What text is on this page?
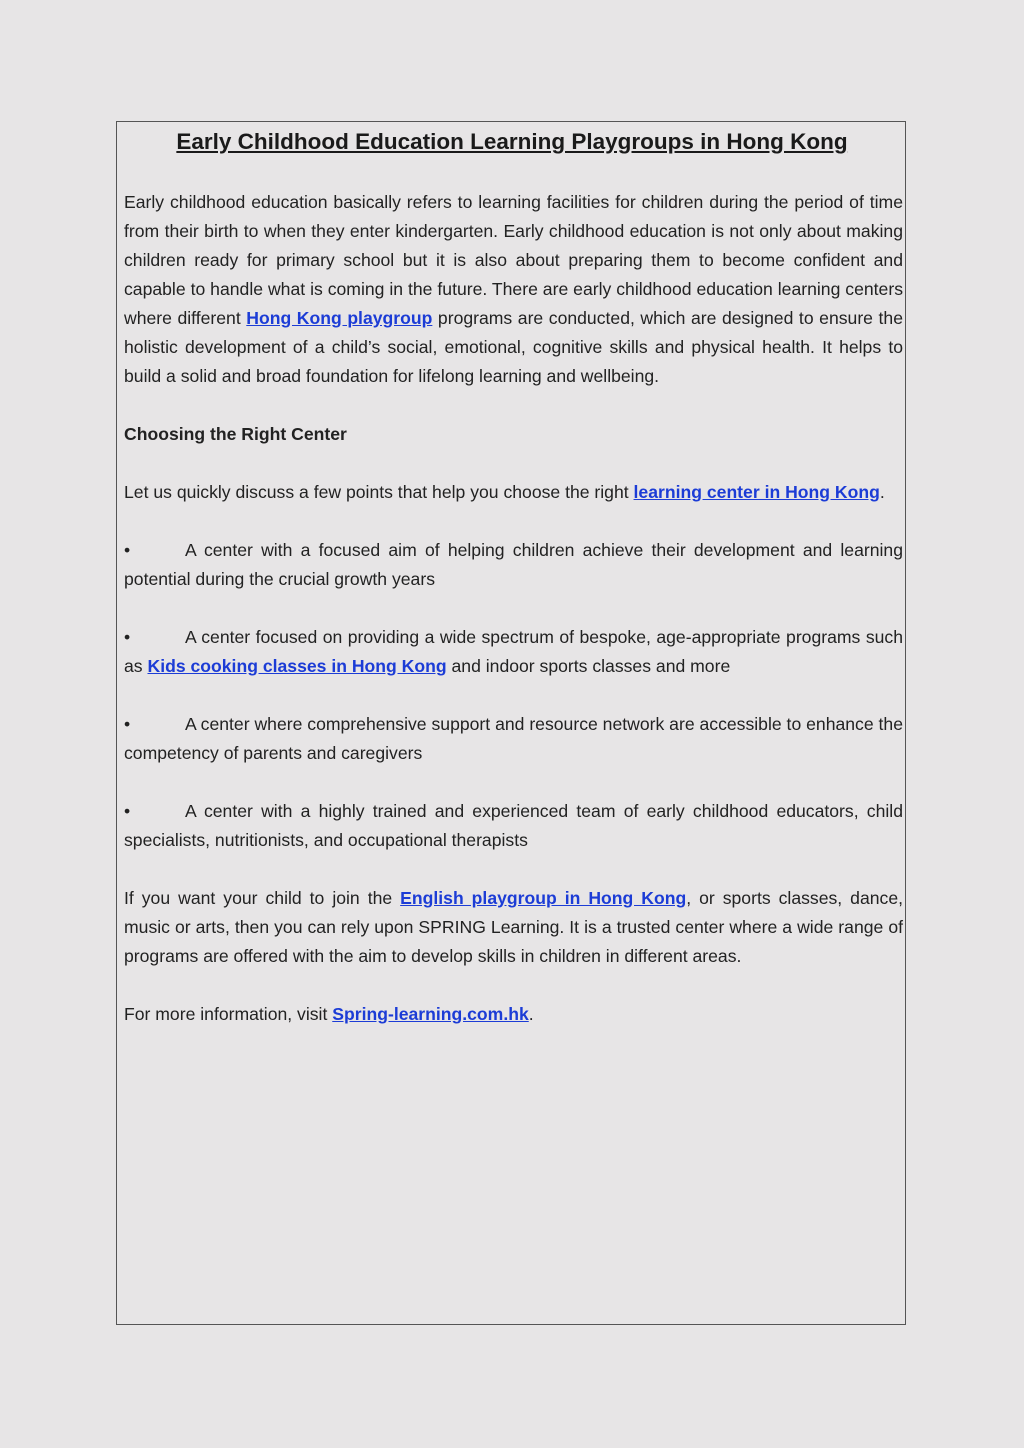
Early Childhood Education Learning Playgroups in Hong Kong

Early childhood education basically refers to learning facilities for children during the period of time from their birth to when they enter kindergarten. Early childhood education is not only about making children ready for primary school but it is also about preparing them to become confident and capable to handle what is coming in the future. There are early childhood education learning centers where different Hong Kong playgroup programs are conducted, which are designed to ensure the holistic development of a child’s social, emotional, cognitive skills and physical health. It helps to build a solid and broad foundation for lifelong learning and wellbeing.

Choosing the Right Center

Let us quickly discuss a few points that help you choose the right learning center in Hong Kong.

•	A center with a focused aim of helping children achieve their development and learning potential during the crucial growth years

•	A center focused on providing a wide spectrum of bespoke, age-appropriate programs such as Kids cooking classes in Hong Kong and indoor sports classes and more

•	A center where comprehensive support and resource network are accessible to enhance the competency of parents and caregivers

•	A center with a highly trained and experienced team of early childhood educators, child specialists, nutritionists, and occupational therapists

If you want your child to join the English playgroup in Hong Kong, or sports classes, dance, music or arts, then you can rely upon SPRING Learning. It is a trusted center where a wide range of programs are offered with the aim to develop skills in children in different areas.

For more information, visit Spring-learning.com.hk.
